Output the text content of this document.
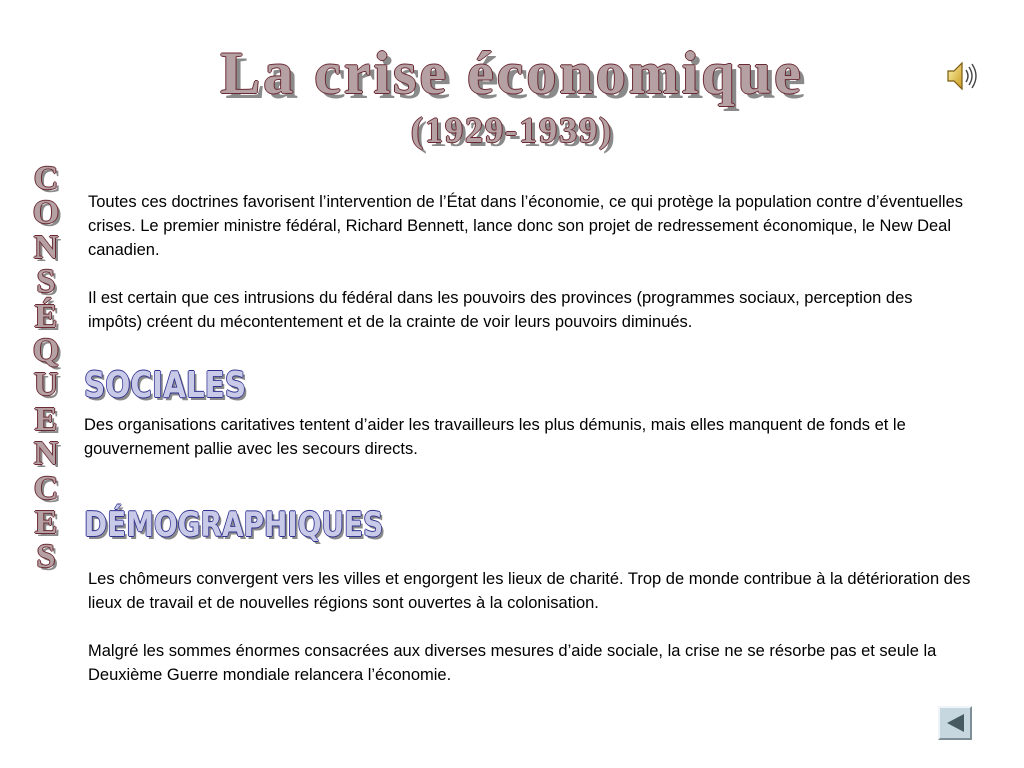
La crise économique
(1929-1939)
C
O
N
S
É
Q
U
E
N
C
E
S

Toutes ces doctrines favorisent l’intervention de l’État dans l’économie, ce qui protège la population contre d’éventuelles crises. Le premier ministre fédéral, Richard Bennett, lance donc son projet de redressement économique, le New Deal canadien.

Il est certain que ces intrusions du fédéral dans les pouvoirs des provinces (programmes sociaux, perception des impôts) créent du mécontentement et de la crainte de voir leurs pouvoirs diminués.

SOCIALES

Des organisations caritatives tentent d’aider les travailleurs les plus démunis, mais elles manquent de fonds et le gouvernement pallie avec les secours directs.

DÉMOGRAPHIQUES

Les chômeurs convergent vers les villes et engorgent les lieux de charité. Trop de monde contribue à la détérioration des lieux de travail et de nouvelles régions sont ouvertes à la colonisation.

Malgré les sommes énormes consacrées aux diverses mesures d’aide sociale, la crise ne se résorbe pas et seule la Deuxième Guerre mondiale relancera l’économie.
